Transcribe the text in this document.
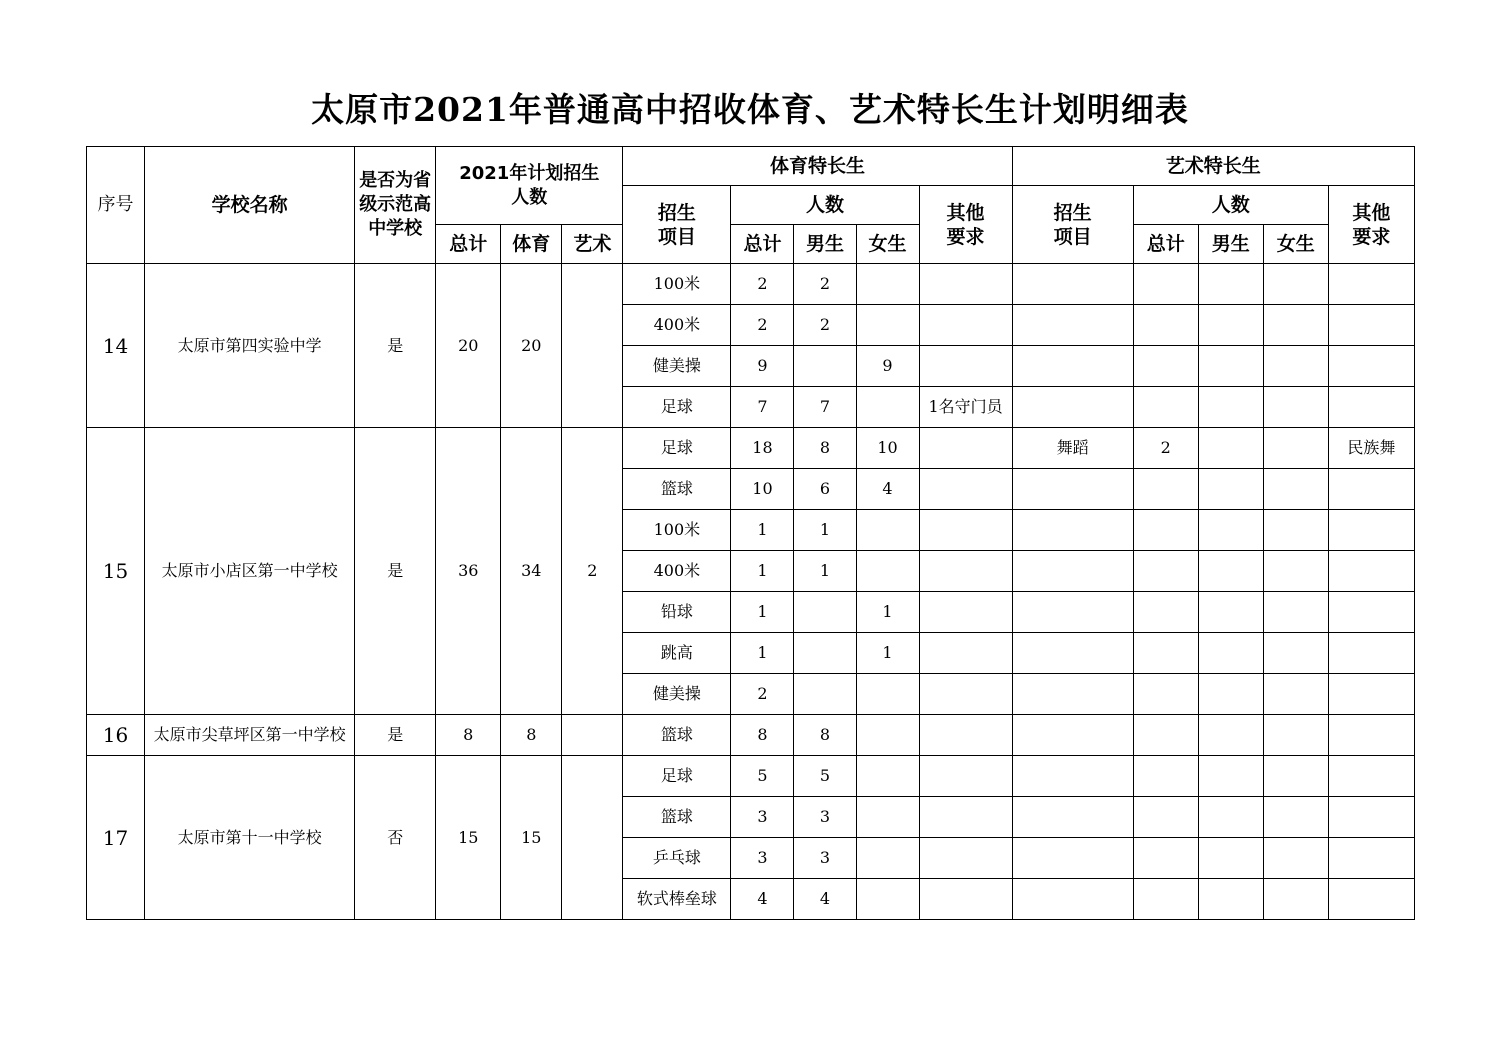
太原市2021年普通高中招收体育、艺术特长生计划明细表
序号	学校名称	是否为省级示范高中学校	2021年计划招生人数			体育特长生					艺术特长生				
						招生项目	人数			其他要求	招生项目	人数			其他要求
			总计	体育	艺术		总计	男生	女生			总计	男生	女生	
14	太原市第四实验中学	是	20	20		100米	2	2							
						400米	2	2							
						健美操	9		9						
						足球	7	7		1名守门员					
15	太原市小店区第一中学校	是	36	34	2	足球	18	8	10		舞蹈	2			民族舞
						篮球	10	6	4						
						100米	1	1							
						400米	1	1							
						铅球	1		1						
						跳高	1		1						
						健美操	2								
16	太原市尖草坪区第一中学校	是	8	8		篮球	8	8							
17	太原市第十一中学校	否	15	15		足球	5	5							
						篮球	3	3							
						乒乓球	3	3							
						软式棒垒球	4	4							
